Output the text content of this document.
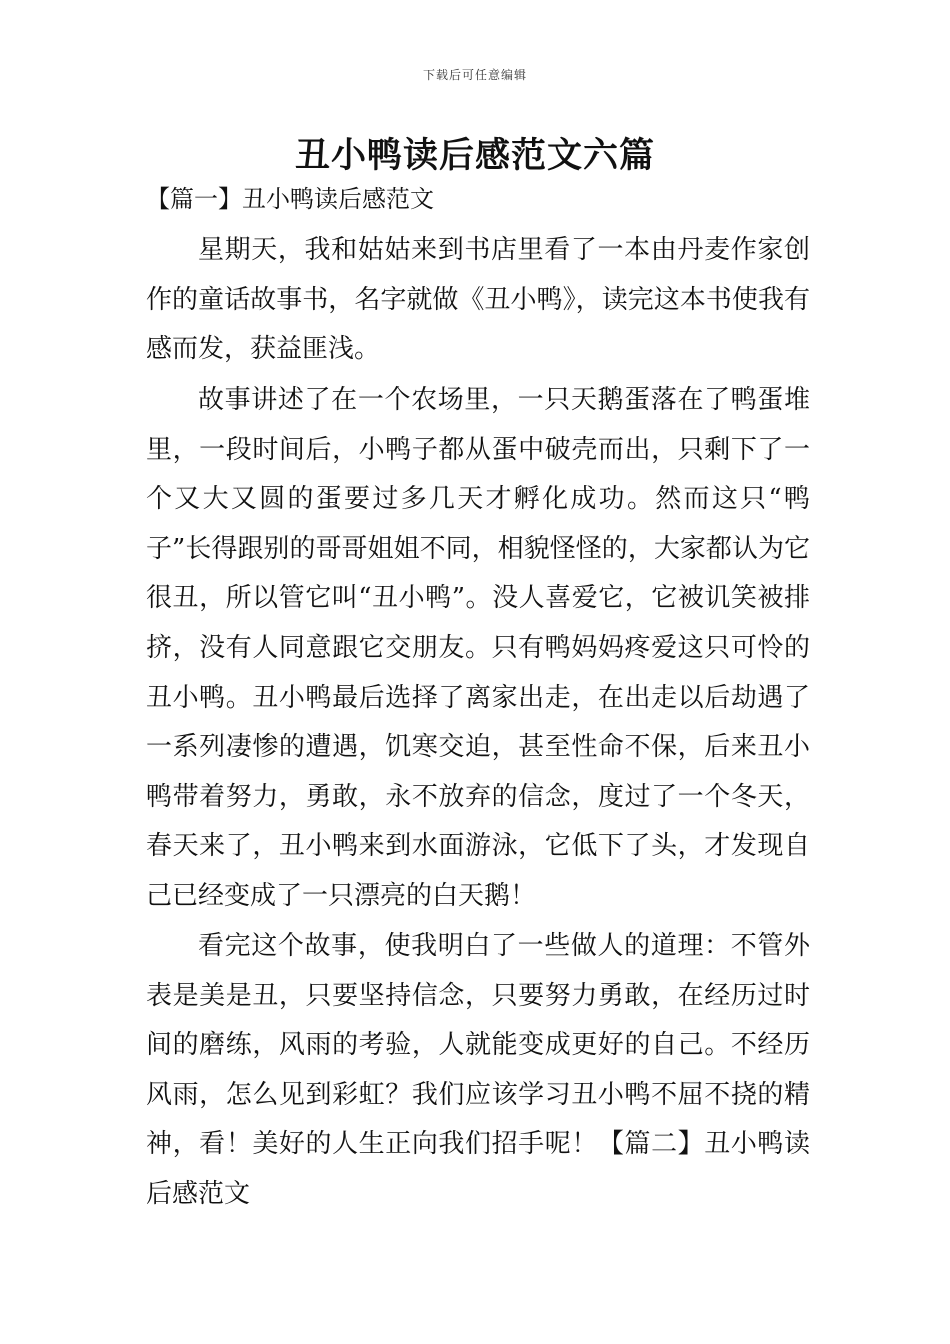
下载后可任意编辑
丑小鸭读后感范文六篇

【篇一】丑小鸭读后感范文

星期天，我和姑姑来到书店里看了一本由丹麦作家创作的童话故事书，名字就做《丑小鸭》，读完这本书使我有感而发，获益匪浅。

故事讲述了在一个农场里，一只天鹅蛋落在了鸭蛋堆里，一段时间后，小鸭子都从蛋中破壳而出，只剩下了一个又大又圆的蛋要过多几天才孵化成功。然而这只“鸭子”长得跟别的哥哥姐姐不同，相貌怪怪的，大家都认为它很丑，所以管它叫“丑小鸭”。没人喜爱它，它被讥笑被排挤，没有人同意跟它交朋友。只有鸭妈妈疼爱这只可怜的丑小鸭。丑小鸭最后选择了离家出走，在出走以后劫遇了一系列凄惨的遭遇，饥寒交迫，甚至性命不保，后来丑小鸭带着努力，勇敢，永不放弃的信念，度过了一个冬天，春天来了，丑小鸭来到水面游泳，它低下了头，才发现自己已经变成了一只漂亮的白天鹅！

看完这个故事，使我明白了一些做人的道理：不管外表是美是丑，只要坚持信念，只要努力勇敢，在经历过时间的磨练，风雨的考验，人就能变成更好的自己。不经历风雨，怎么见到彩虹？我们应该学习丑小鸭不屈不挠的精神，看！美好的人生正向我们招手呢！【篇二】丑小鸭读后感范文
